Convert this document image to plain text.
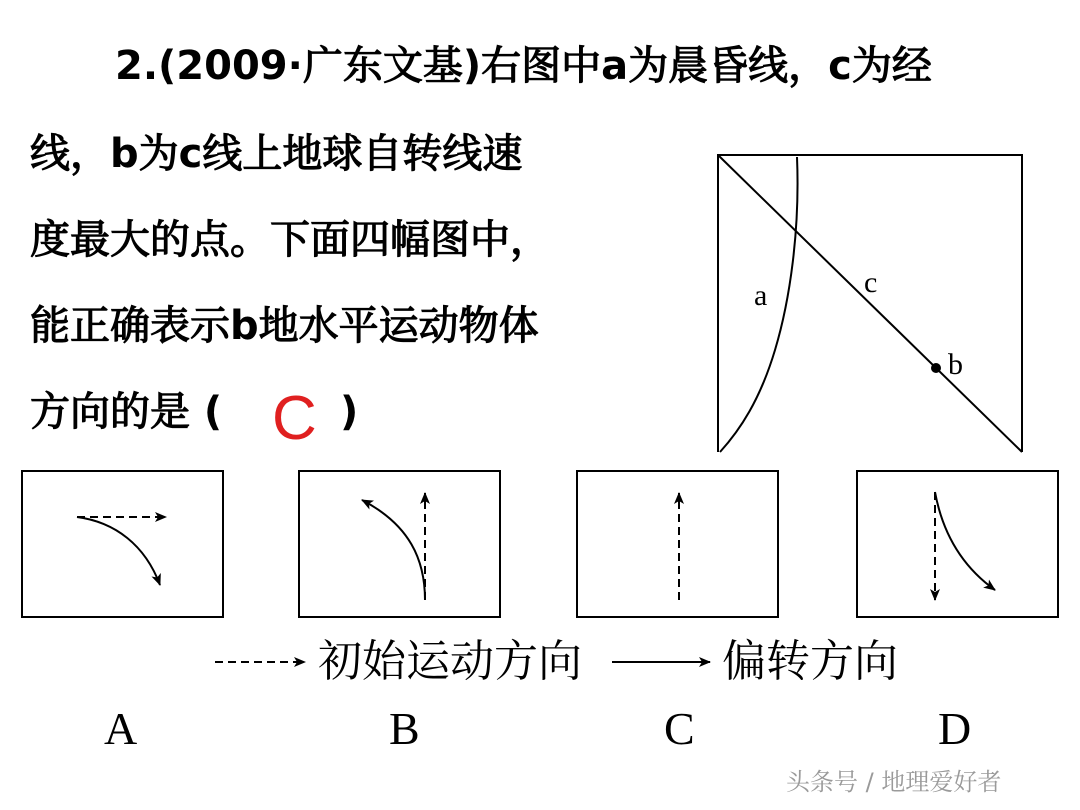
2.(2009·广东文基)右图中a为晨昏线，c为经
线，b为c线上地球自转线速
度最大的点。下面四幅图中，
能正确表示b地水平运动物体
方向的是 (	)
C
a	c
b
初始运动方向	偏转方向
A	B	C	D
头条号 / 地理爱好者
